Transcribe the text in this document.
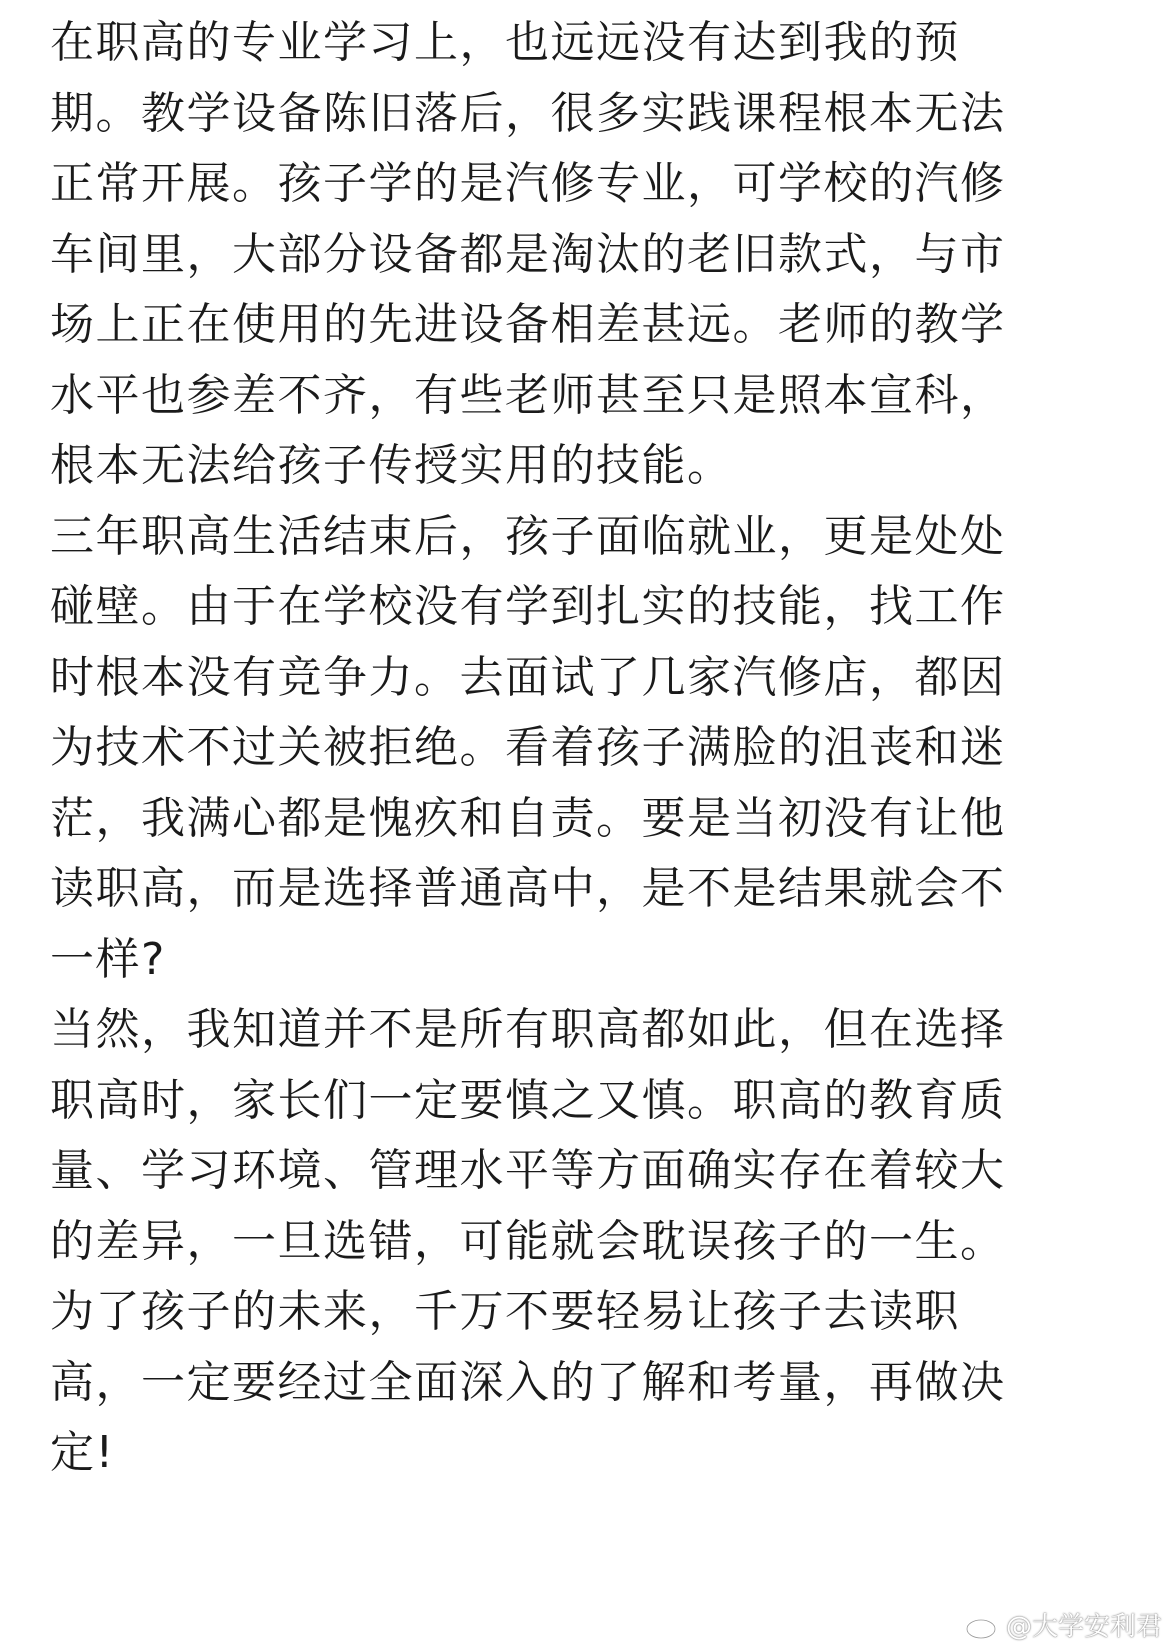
在职高的专业学习上，也远远没有达到我的预
期。教学设备陈旧落后，很多实践课程根本无法
正常开展。孩子学的是汽修专业，可学校的汽修
车间里，大部分设备都是淘汰的老旧款式，与市
场上正在使用的先进设备相差甚远。老师的教学
水平也参差不齐，有些老师甚至只是照本宣科，
根本无法给孩子传授实用的技能。
三年职高生活结束后，孩子面临就业，更是处处
碰壁。由于在学校没有学到扎实的技能，找工作
时根本没有竞争力。去面试了几家汽修店，都因
为技术不过关被拒绝。看着孩子满脸的沮丧和迷
茫，我满心都是愧疚和自责。要是当初没有让他
读职高，而是选择普通高中，是不是结果就会不
一样?
当然，我知道并不是所有职高都如此，但在选择
职高时，家长们一定要慎之又慎。职高的教育质
量、学习环境、管理水平等方面确实存在着较大
的差异，一旦选错，可能就会耽误孩子的一生。
为了孩子的未来，千万不要轻易让孩子去读职
高，一定要经过全面深入的了解和考量，再做决
定!
@大学安利君
